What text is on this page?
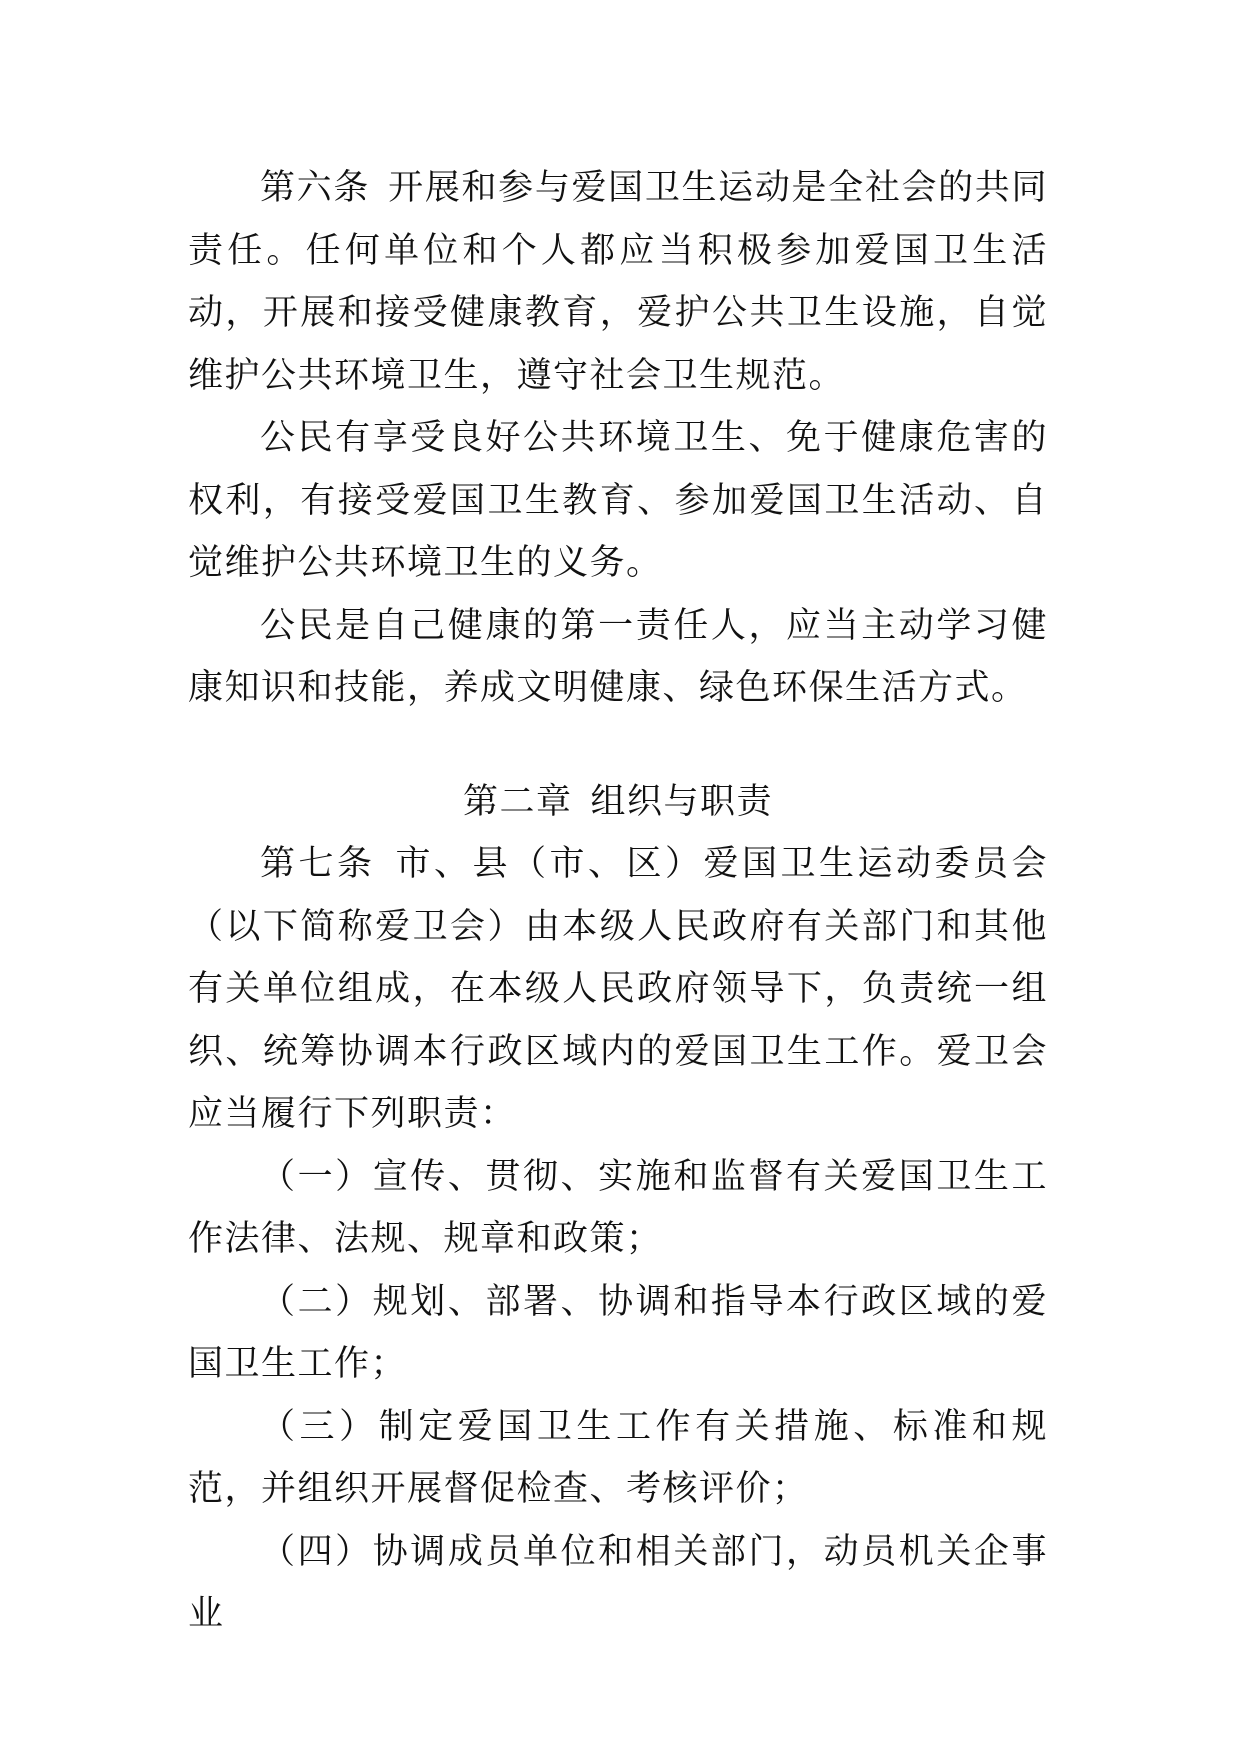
第六条 开展和参与爱国卫生运动是全社会的共同责任。任何单位和个人都应当积极参加爱国卫生活动，开展和接受健康教育，爱护公共卫生设施，自觉维护公共环境卫生，遵守社会卫生规范。

公民有享受良好公共环境卫生、免于健康危害的权利，有接受爱国卫生教育、参加爱国卫生活动、自觉维护公共环境卫生的义务。

公民是自己健康的第一责任人，应当主动学习健康知识和技能，养成文明健康、绿色环保生活方式。

第二章 组织与职责

第七条 市、县（市、区）爱国卫生运动委员会（以下简称爱卫会）由本级人民政府有关部门和其他有关单位组成，在本级人民政府领导下，负责统一组织、统筹协调本行政区域内的爱国卫生工作。爱卫会应当履行下列职责：

（一）宣传、贯彻、实施和监督有关爱国卫生工作法律、法规、规章和政策；

（二）规划、部署、协调和指导本行政区域的爱国卫生工作；

（三）制定爱国卫生工作有关措施、标准和规范，并组织开展督促检查、考核评价；

（四）协调成员单位和相关部门，动员机关企事业
